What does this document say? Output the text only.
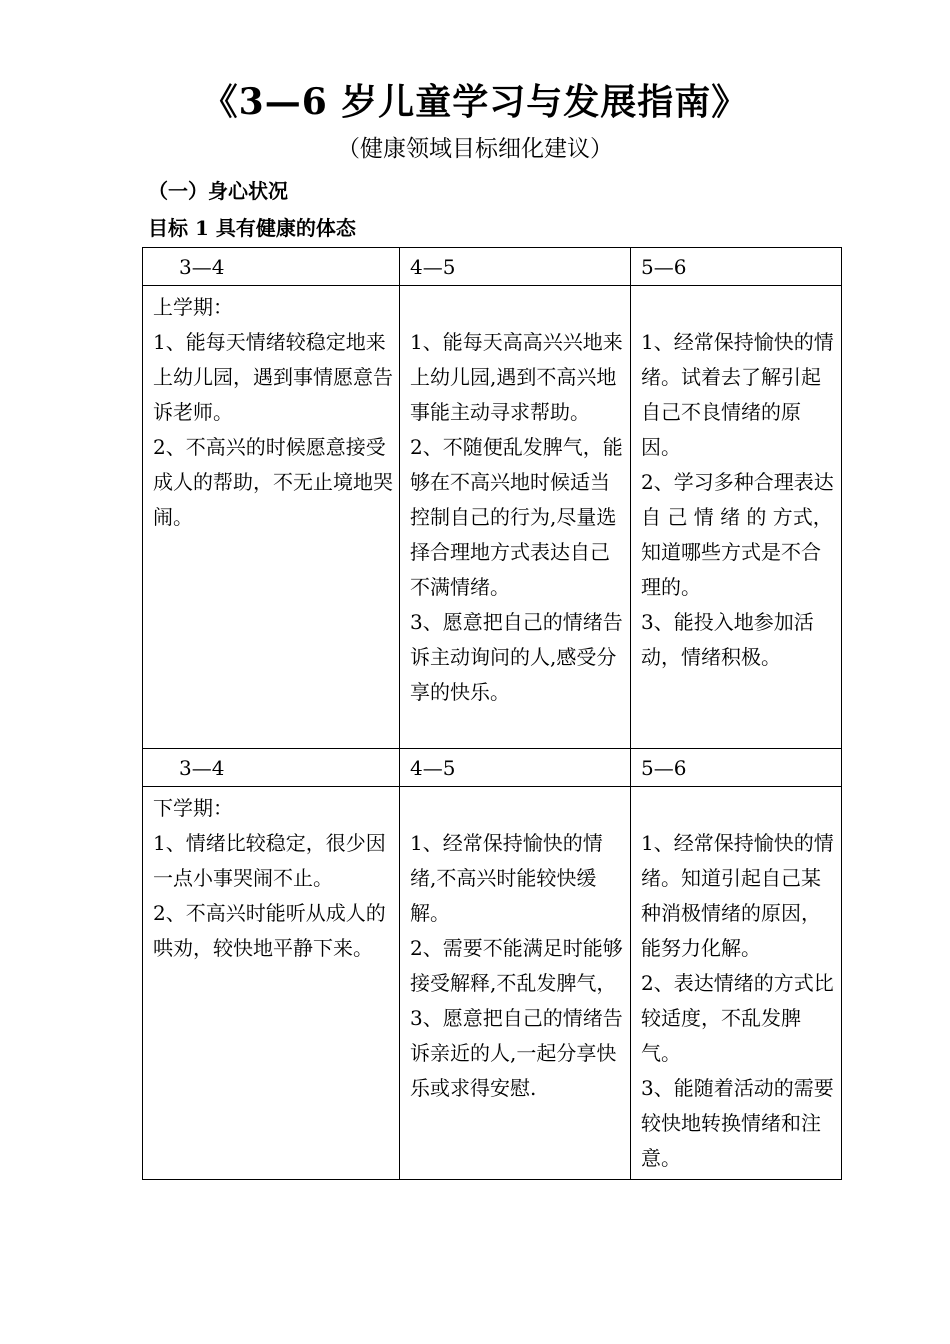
《3—6 岁儿童学习与发展指南》
（健康领域目标细化建议）
（一）身心状况
目标 1 具有健康的体态
3—4	4—5	5—6

上学期：
1、能每天情绪较稳定地来上幼儿园，遇到事情愿意告诉老师。
2、不高兴的时候愿意接受成人的帮助，不无止境地哭闹。	1、能每天高高兴兴地来上幼儿园,遇到不高兴地事能主动寻求帮助。
2、不随便乱发脾气，能够在不高兴地时候适当控制自己的行为,尽量选择合理地方式表达自己不满情绪。
3、愿意把自己的情绪告诉主动询问的人,感受分享的快乐。	1、经常保持愉快的情绪。试着去了解引起自己不良情绪的原因。
2、学习多种合理表达 自 己 情 绪 的 方式，知道哪些方式是不合理的。
3、能投入地参加活动，情绪积极。

3—4	4—5	5—6

下学期：
1、情绪比较稳定，很少因一点小事哭闹不止。
2、不高兴时能听从成人的哄劝，较快地平静下来。	1、经常保持愉快的情绪,不高兴时能较快缓解。
2、需要不能满足时能够接受解释,不乱发脾气，
3、愿意把自己的情绪告诉亲近的人,一起分享快乐或求得安慰.	1、经常保持愉快的情绪。知道引起自己某种消极情绪的原因，能努力化解。
2、表达情绪的方式比较适度，不乱发脾气。
3、能随着活动的需要较快地转换情绪和注意。
